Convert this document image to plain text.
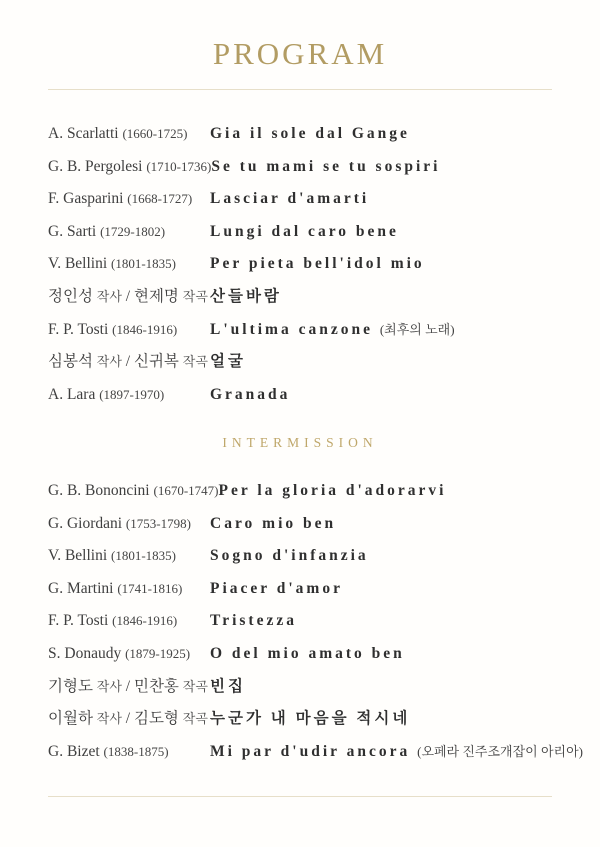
PROGRAM
A. Scarlatti (1660-1725)	Gia il sole dal Gange
G. B. Pergolesi (1710-1736) Se tu mami se tu sospiri
F. Gasparini (1668-1727)	Lasciar d'amarti
G. Sarti (1729-1802)	Lungi dal caro bene
V. Bellini (1801-1835)	Per pieta bell'idol mio
정인성 작사 / 현제명 작곡 산들바람
F. P. Tosti (1846-1916)	L'ultima canzone (최후의 노래)
심봉석 작사 / 신귀복 작곡 얼굴
A. Lara (1897-1970)	Granada
INTERMISSION
G. B. Bononcini (1670-1747) Per la gloria d'adorarvi
G. Giordani (1753-1798)	Caro mio ben
V. Bellini (1801-1835)	Sogno d'infanzia
G. Martini (1741-1816)	Piacer d'amor
F. P. Tosti (1846-1916)	Tristezza
S. Donaudy (1879-1925)	O del mio amato ben
기형도 작사 / 민찬홍 작곡 빈집
이월하 작사 / 김도형 작곡 누군가 내 마음을 적시네
G. Bizet (1838-1875)	Mi par d'udir ancora (오페라 진주조개잡이 아리아)
